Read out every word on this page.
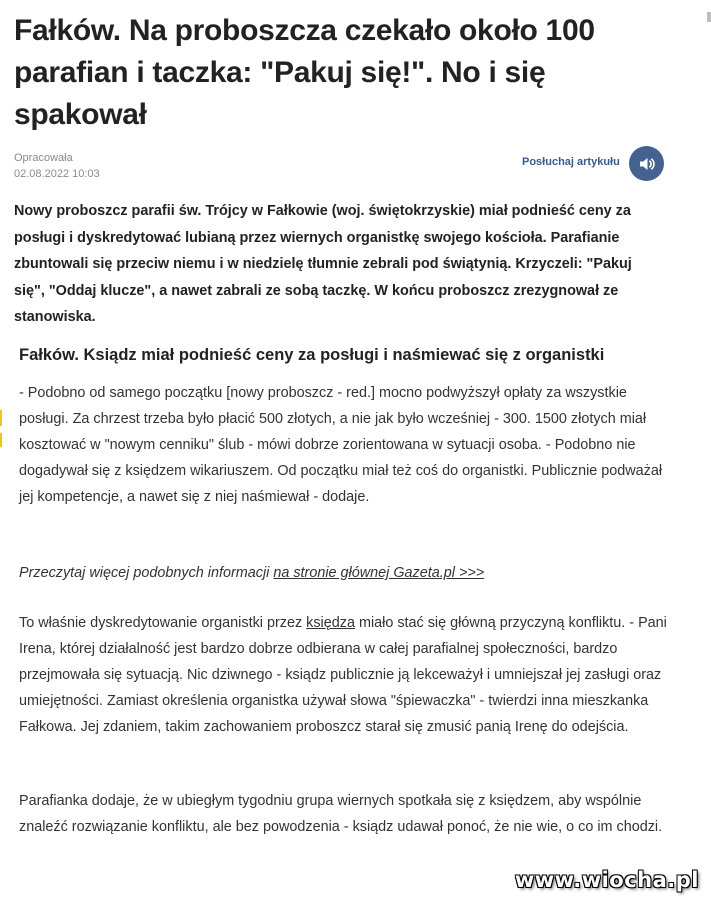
Fałków. Na proboszcza czekało około 100 parafian i taczka: "Pakuj się!". No i się spakował
Opracowała
02.08.2022 10:03
Posłuchaj artykułu

Nowy proboszcz parafii św. Trójcy w Fałkowie (woj. świętokrzyskie) miał podnieść ceny za posługi i dyskredytować lubianą przez wiernych organistkę swojego kościoła. Parafianie zbuntowali się przeciw niemu i w niedzielę tłumnie zebrali pod świątynią. Krzyczeli: "Pakuj się", "Oddaj klucze", a nawet zabrali ze sobą taczkę. W końcu proboszcz zrezygnował ze stanowiska.

Fałków. Ksiądz miał podnieść ceny za posługi i naśmiewać się z organistki

- Podobno od samego początku [nowy proboszcz - red.] mocno podwyższył opłaty za wszystkie posługi. Za chrzest trzeba było płacić 500 złotych, a nie jak było wcześniej - 300. 1500 złotych miał kosztować w "nowym cenniku" ślub - mówi dobrze zorientowana w sytuacji osoba. - Podobno nie dogadywał się z księdzem wikariuszem. Od początku miał też coś do organistki. Publicznie podważał jej kompetencje, a nawet się z niej naśmiewał - dodaje.

Przeczytaj więcej podobnych informacji na stronie głównej Gazeta.pl >>>

To właśnie dyskredytowanie organistki przez księdza miało stać się główną przyczyną konfliktu. - Pani Irena, której działalność jest bardzo dobrze odbierana w całej parafialnej społeczności, bardzo przejmowała się sytuacją. Nic dziwnego - ksiądz publicznie ją lekceważył i umniejszał jej zasługi oraz umiejętności. Zamiast określenia organistka używał słowa "śpiewaczka" - twierdzi inna mieszkanka Fałkowa. Jej zdaniem, takim zachowaniem proboszcz starał się zmusić panią Irenę do odejścia.

Parafianka dodaje, że w ubiegłym tygodniu grupa wiernych spotkała się z księdzem, aby wspólnie znaleźć rozwiązanie konfliktu, ale bez powodzenia - ksiądz udawał ponoć, że nie wie, o co im chodzi.

www.wiocha.pl
